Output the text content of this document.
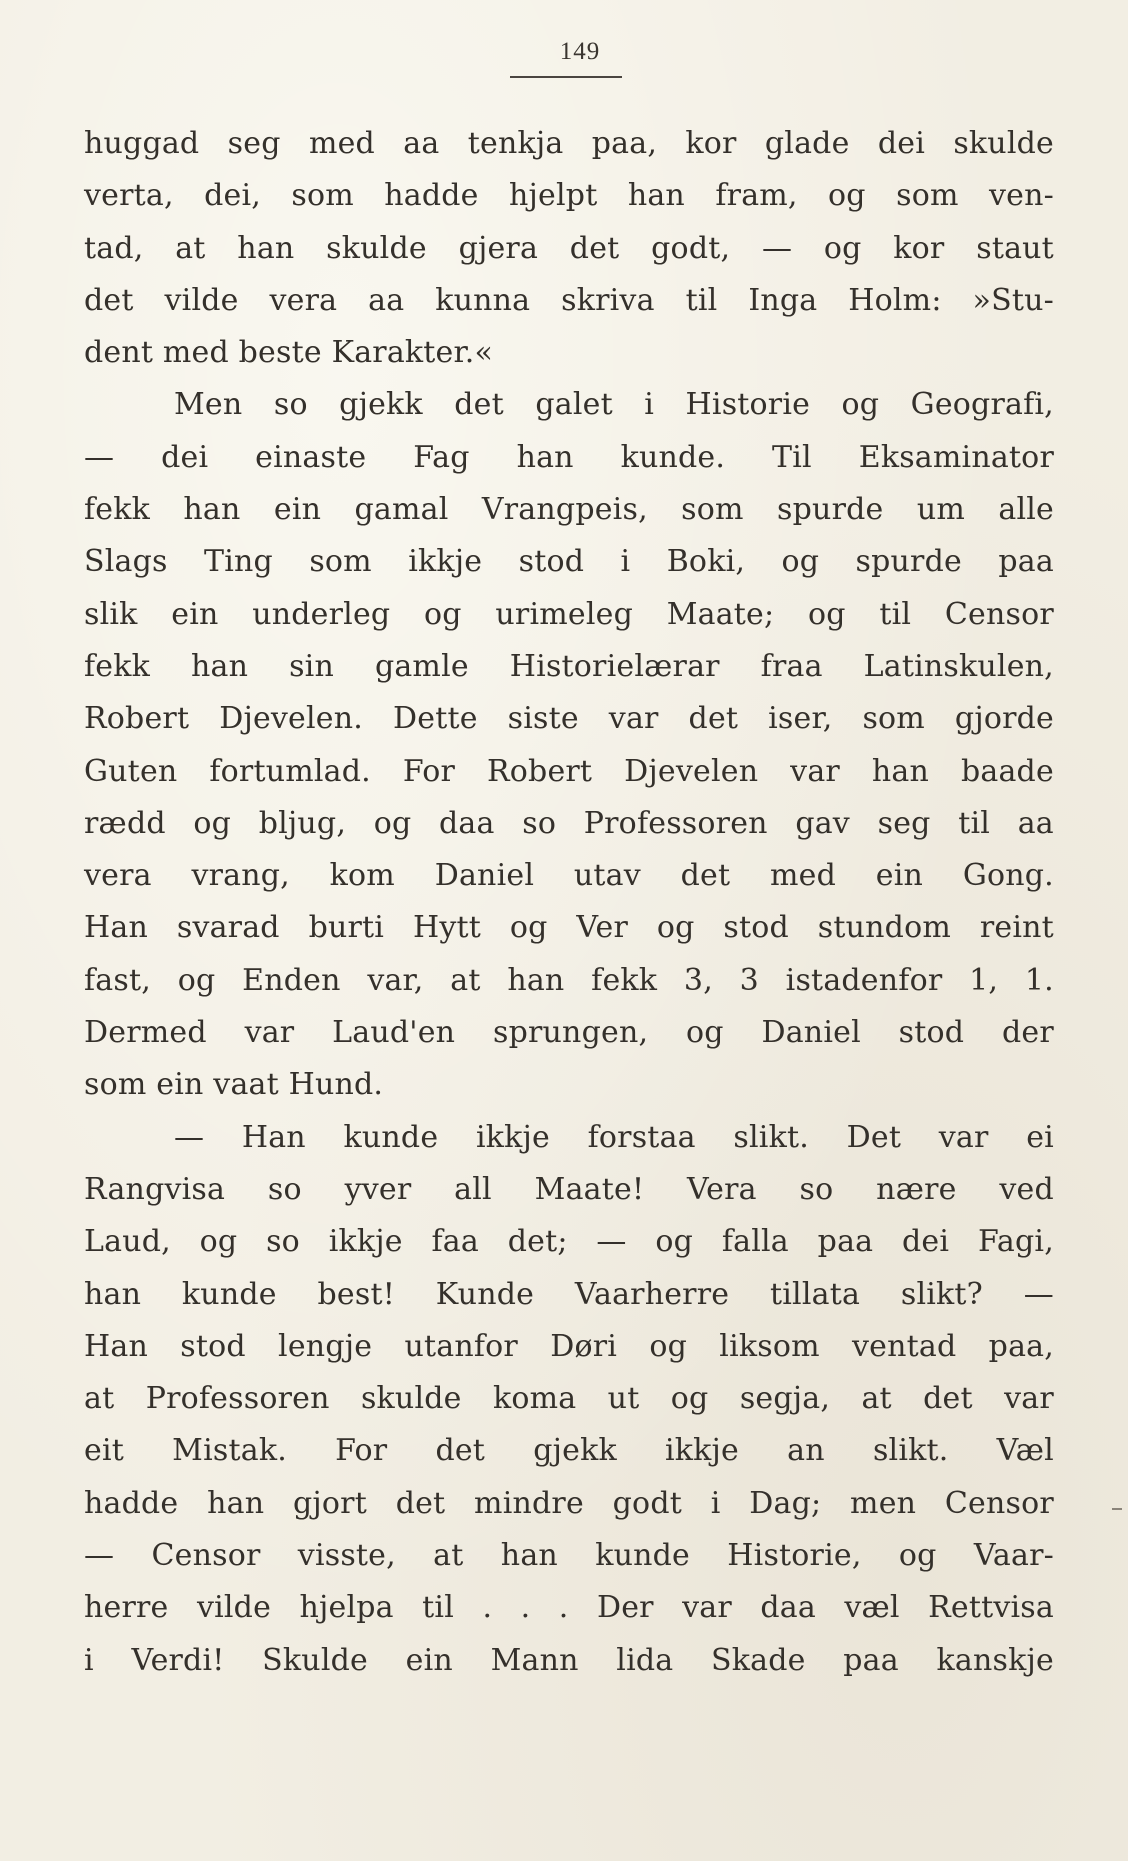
149
huggad seg med aa tenkja paa, kor glade dei skulde
verta, dei, som hadde hjelpt han fram, og som ven-
tad, at han skulde gjera det godt, — og kor staut
det vilde vera aa kunna skriva til Inga Holm: »Stu-
dent
med
beste
Karakter.«
Men so gjekk det galet i Historie og Geografi,
— dei einaste Fag han kunde. Til Eksaminator
fekk han ein gamal Vrangpeis, som spurde um alle
Slags Ting som ikkje stod i Boki, og spurde paa
slik ein underleg og urimeleg Maate; og til Censor
fekk han sin gamle Historielærar fraa Latinskulen,
Robert Djevelen. Dette siste var det iser, som gjorde
Guten fortumlad. For Robert Djevelen var han baade
rædd og bljug, og daa so Professoren gav seg til aa
vera vrang, kom Daniel utav det med ein Gong.
Han svarad burti Hytt og Ver og stod stundom reint
fast, og Enden var, at han fekk 3, 3 istadenfor 1, 1.
Dermed var Laud'en sprungen, og Daniel stod der
som
ein
vaat
Hund.
— Han kunde ikkje forstaa slikt. Det var ei
Rangvisa so yver all Maate! Vera so nære ved
Laud, og so ikkje faa det; — og falla paa dei Fagi,
han kunde best! Kunde Vaarherre tillata slikt? —
Han stod lengje utanfor Døri og liksom ventad paa,
at Professoren skulde koma ut og segja, at det var
eit Mistak. For det gjekk ikkje an slikt. Væl
hadde han gjort det mindre godt i Dag; men Censor
— Censor visste, at han kunde Historie, og Vaar-
herre vilde hjelpa til . . . Der var daa væl Rettvisa
i Verdi! Skulde ein Mann lida Skade paa kanskje
